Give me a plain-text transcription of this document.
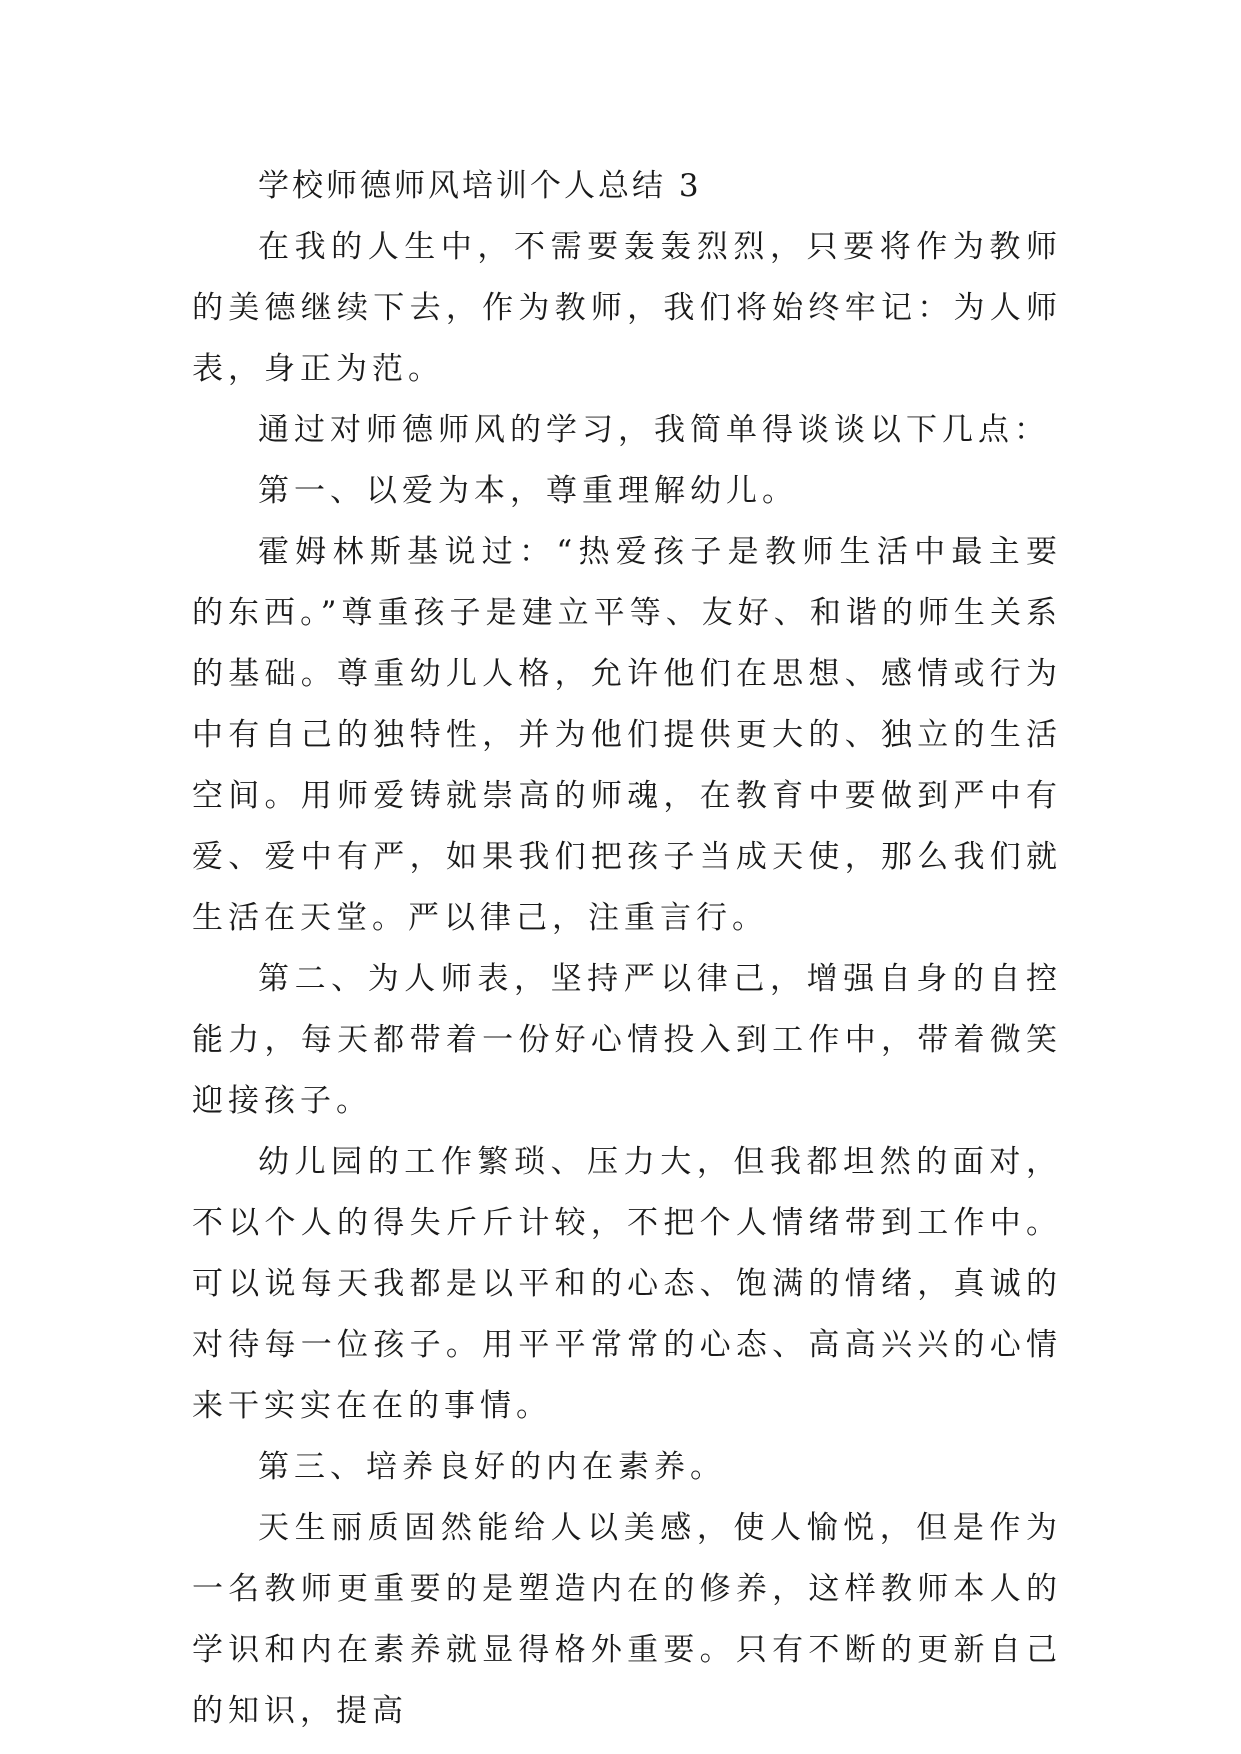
学校师德师风培训个人总结 3

在我的人生中，不需要轰轰烈烈，只要将作为教师的美德继续下去，作为教师，我们将始终牢记：为人师表，身正为范。

通过对师德师风的学习，我简单得谈谈以下几点：

第一、以爱为本，尊重理解幼儿。

霍姆林斯基说过：“热爱孩子是教师生活中最主要的东西。”尊重孩子是建立平等、友好、和谐的师生关系的基础。尊重幼儿人格，允许他们在思想、感情或行为中有自己的独特性，并为他们提供更大的、独立的生活空间。用师爱铸就崇高的师魂，在教育中要做到严中有爱、爱中有严，如果我们把孩子当成天使，那么我们就生活在天堂。严以律己，注重言行。

第二、为人师表，坚持严以律己，增强自身的自控能力，每天都带着一份好心情投入到工作中，带着微笑迎接孩子。

幼儿园的工作繁琐、压力大，但我都坦然的面对，不以个人的得失斤斤计较，不把个人情绪带到工作中。可以说每天我都是以平和的心态、饱满的情绪，真诚的对待每一位孩子。用平平常常的心态、高高兴兴的心情来干实实在在的事情。

第三、培养良好的内在素养。

天生丽质固然能给人以美感，使人愉悦，但是作为一名教师更重要的是塑造内在的修养，这样教师本人的学识和内在素养就显得格外重要。只有不断的更新自己的知识，提高
